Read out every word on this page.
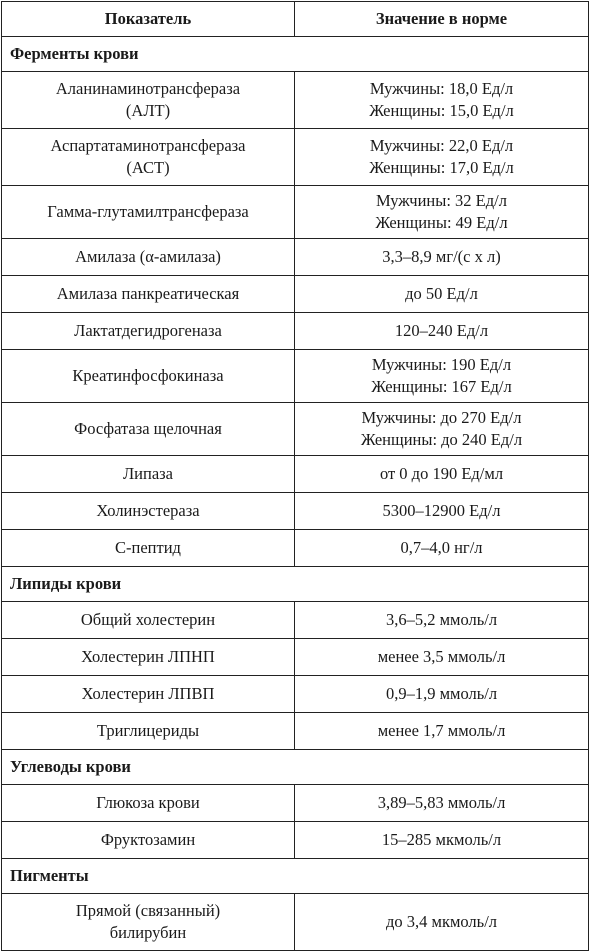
Показатель	Значение в норме
Ферменты крови	

Аланинаминотрансфераза
(АЛТ)	Мужчины: 18,0 Ед/л
Женщины: 15,0 Ед/л

Аспартатаминотрансфераза
(АСТ)	Мужчины: 22,0 Ед/л
Женщины: 17,0 Ед/л

Гамма-глутамилтрансфераза	Мужчины: 32 Ед/л
Женщины: 49 Ед/л

Амилаза (α-амилаза)	3,3–8,9 мг/(с х л)

Амилаза панкреатическая	до 50 Ед/л

Лактатдегидрогеназа	120–240 Ед/л

Креатинфосфокиназа	Мужчины: 190 Ед/л
Женщины: 167 Ед/л

Фосфатаза щелочная	Мужчины: до 270 Ед/л
Женщины: до 240 Ед/л

Липаза	от 0 до 190 Ед/мл

Холинэстераза	5300–12900 Ед/л

С-пептид	0,7–4,0 нг/л

Липиды крови	

Общий холестерин	3,6–5,2 ммоль/л

Холестерин ЛПНП	менее 3,5 ммоль/л

Холестерин ЛПВП	0,9–1,9 ммоль/л

Триглицериды	менее 1,7 ммоль/л

Углеводы крови	

Глюкоза крови	3,89–5,83 ммоль/л

Фруктозамин	15–285 мкмоль/л

Пигменты	

Прямой (связанный)
билирубин	до 3,4 мкмоль/л
